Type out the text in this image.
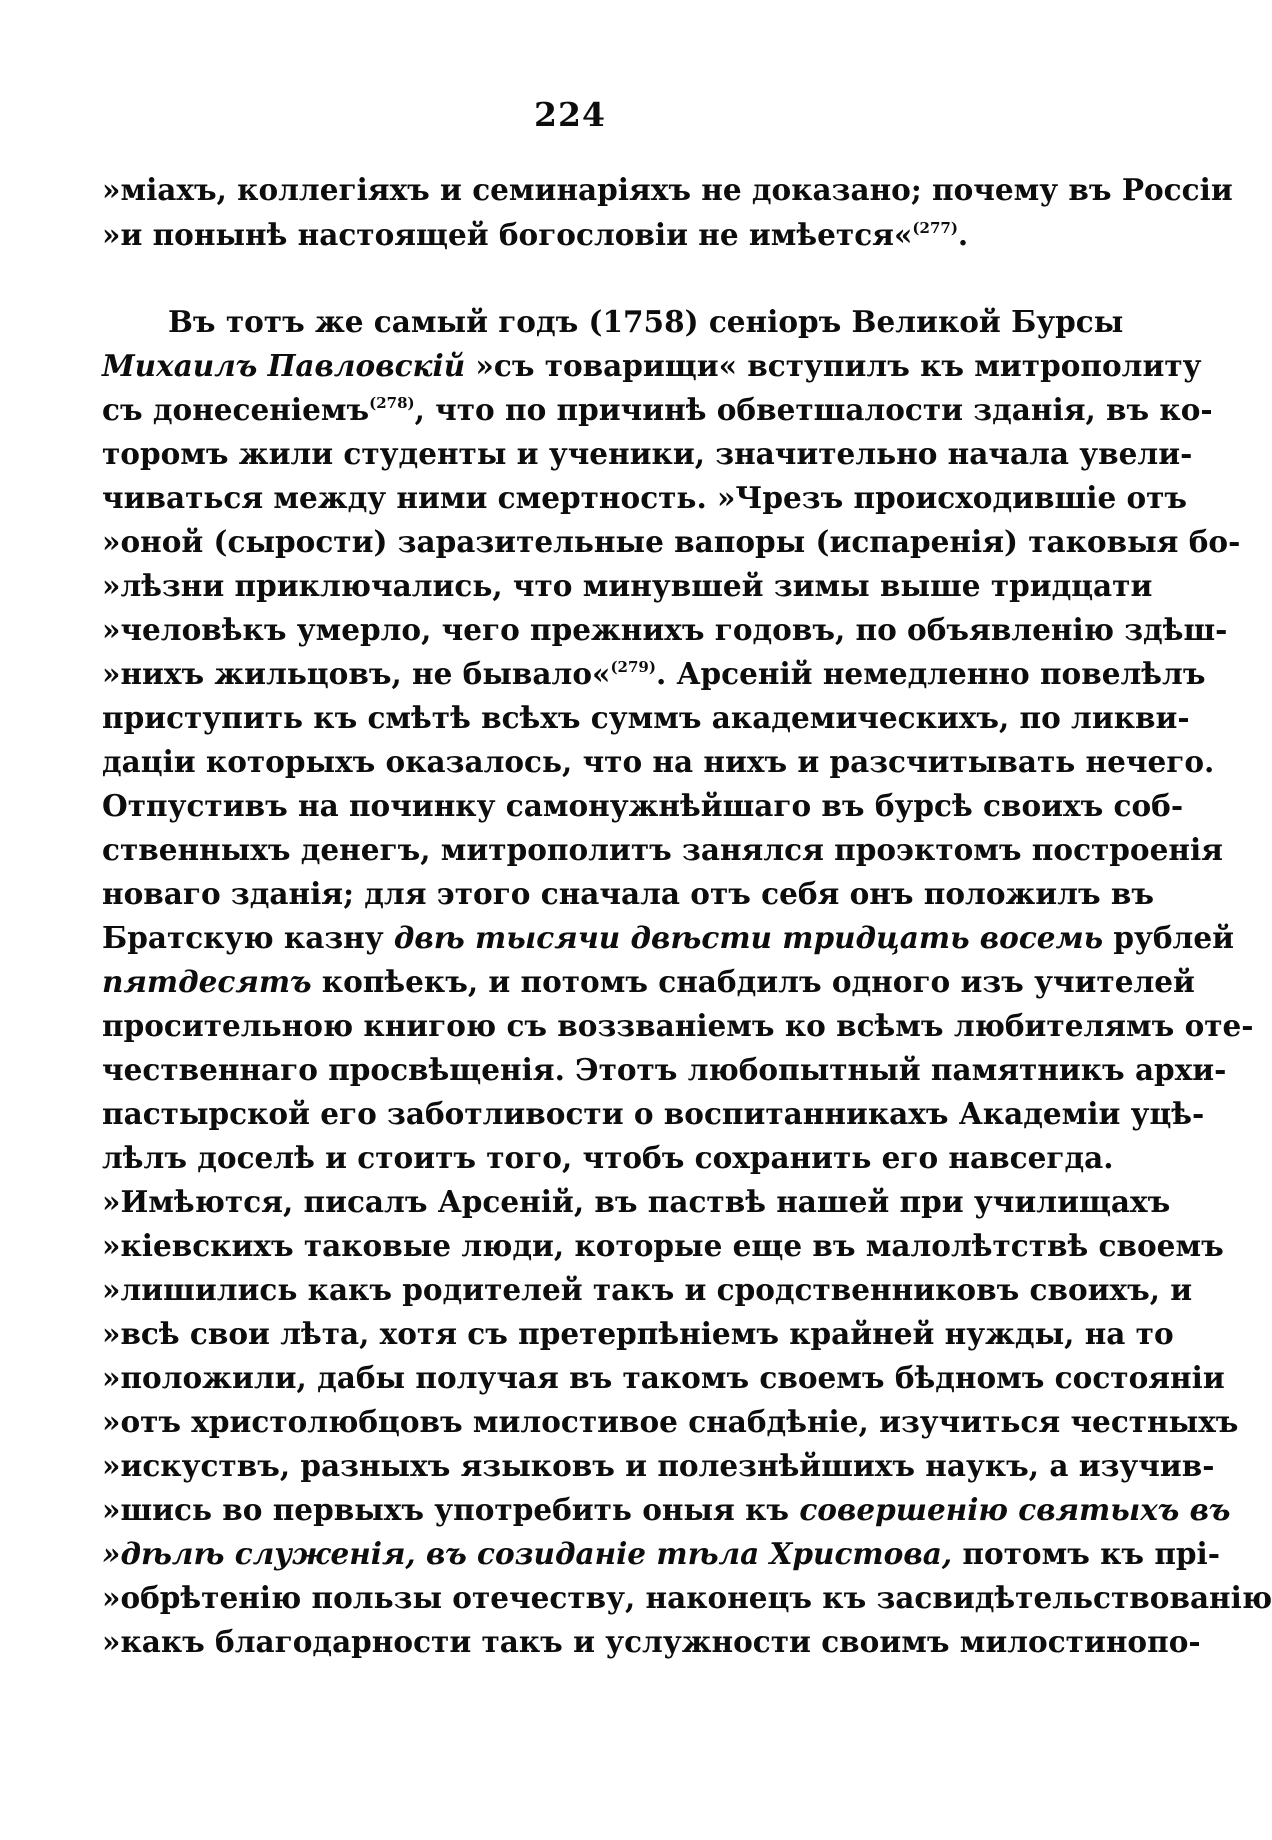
224
»міахъ, коллегіяхъ и семинаріяхъ не доказано; почему въ Россіи
»и понынѣ настоящей богословіи не имѣется«$^{(277)}$.
Въ тотъ же самый годъ (1758) сеніоръ Великой Бурсы
Михаилъ Павловскій »съ товарищи« вступилъ къ митрополиту
съ донесеніемъ$^{(278)}$, что по причинѣ обветшалости зданія, въ ко-
торомъ жили студенты и ученики, значительно начала увели-
чиваться между ними смертность. »Чрезъ происходившіе отъ
»оной (сырости) заразительные вапоры (испаренія) таковыя бо-
»лѣзни приключались, что минувшей зимы выше тридцати
»человѣкъ умерло, чего прежнихъ годовъ, по объявленію здѣш-
»нихъ жильцовъ, не бывало«$^{(279)}$. Арсеній немедленно повелѣлъ
приступить къ смѣтѣ всѣхъ суммъ академическихъ, по ликви-
даціи которыхъ оказалось, что на нихъ и разсчитывать нечего.
Отпустивъ на починку самонужнѣйшаго въ бурсѣ своихъ соб-
ственныхъ денегъ, митрополитъ занялся проэктомъ построенія
новаго зданія; для этого сначала отъ себя онъ положилъ въ
Братскую казну двѣ тысячи двѣсти тридцать восемь рублей
пятдесятъ копѣекъ, и потомъ снабдилъ одного изъ учителей
просительною книгою съ воззваніемъ ко всѣмъ любителямъ оте-
чественнаго просвѣщенія. Этотъ любопытный памятникъ архи-
пастырской его заботливости о воспитанникахъ Академіи уцѣ-
лѣлъ доселѣ и стоитъ того, чтобъ сохранить его навсегда.
»Имѣются, писалъ Арсеній, въ паствѣ нашей при училищахъ
»кіевскихъ таковые люди, которые еще въ малолѣтствѣ своемъ
»лишились какъ родителей такъ и сродственниковъ своихъ, и
»всѣ свои лѣта, хотя съ претерпѣніемъ крайней нужды, на то
»положили, дабы получая въ такомъ своемъ бѣдномъ состояніи
»отъ христолюбцовъ милостивое снабдѣніе, изучиться честныхъ
»искуствъ, разныхъ языковъ и полезнѣйшихъ наукъ, а изучив-
»шись во первыхъ употребить оныя къ совершенію святыхъ въ
»дѣлѣ служенія, въ созиданіе тѣла Христова, потомъ къ прі-
»обрѣтенію пользы отечеству, наконецъ къ засвидѣтельствованію
»какъ благодарности такъ и услужности своимъ милостинопо-
